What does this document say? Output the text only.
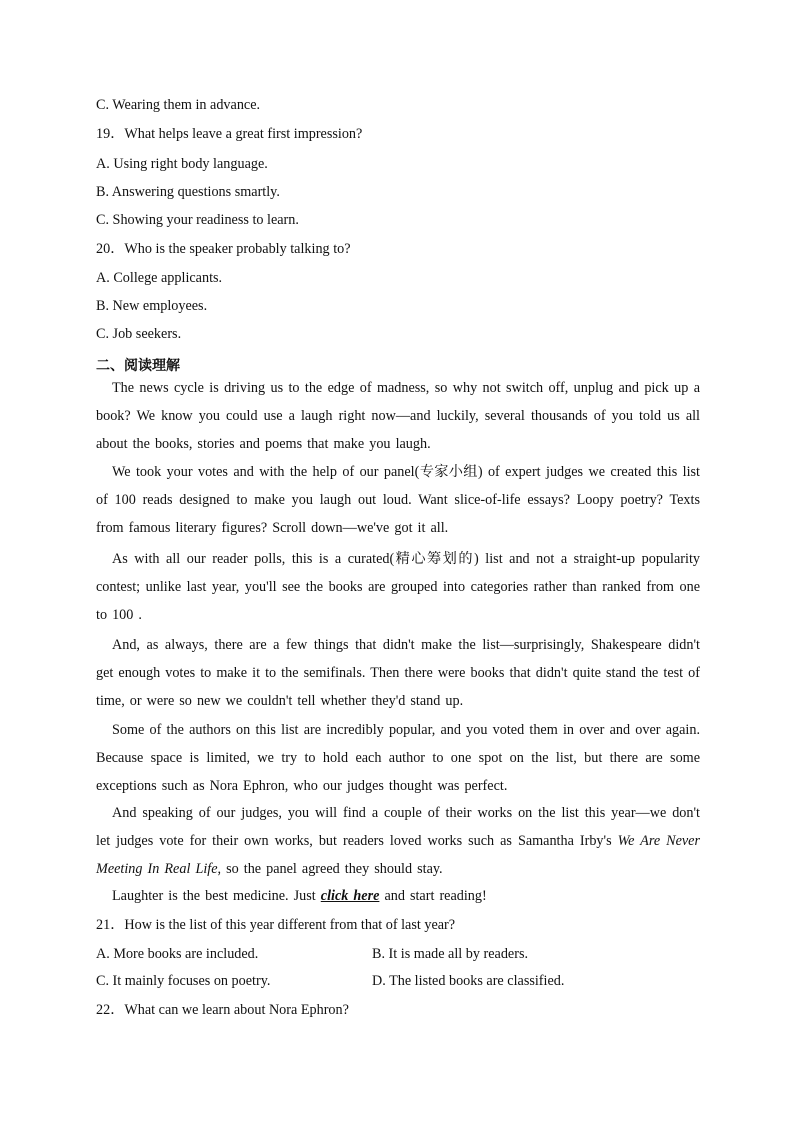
C. Wearing them in advance.
19．What helps leave a great first impression?
A. Using right body language.
B. Answering questions smartly.
C. Showing your readiness to learn.
20．Who is the speaker probably talking to?
A. College applicants.
B. New employees.
C. Job seekers.
二、阅读理解
The news cycle is driving us to the edge of madness, so why not switch off, unplug and pick up a book? We know you could use a laugh right now—and luckily, several thousands of you told us all about the books, stories and poems that make you laugh.
We took your votes and with the help of our panel(专家小组) of expert judges we created this list of 100 reads designed to make you laugh out loud. Want slice-of-life essays? Loopy poetry? Texts from famous literary figures? Scroll down—we've got it all.
As with all our reader polls, this is a curated(精心筹划的) list and not a straight-up popularity contest; unlike last year, you'll see the books are grouped into categories rather than ranked from one to 100 .
And, as always, there are a few things that didn't make the list—surprisingly, Shakespeare didn't get enough votes to make it to the semifinals. Then there were books that didn't quite stand the test of time, or were so new we couldn't tell whether they'd stand up.
Some of the authors on this list are incredibly popular, and you voted them in over and over again. Because space is limited, we try to hold each author to one spot on the list, but there are some exceptions such as Nora Ephron, who our judges thought was perfect.
And speaking of our judges, you will find a couple of their works on the list this year—we don't let judges vote for their own works, but readers loved works such as Samantha Irby's We Are Never Meeting In Real Life, so the panel agreed they should stay.
Laughter is the best medicine. Just click here and start reading!
21．How is the list of this year different from that of last year?
A. More books are included.	B. It is made all by readers.
C. It mainly focuses on poetry.	D. The listed books are classified.
22．What can we learn about Nora Ephron?
